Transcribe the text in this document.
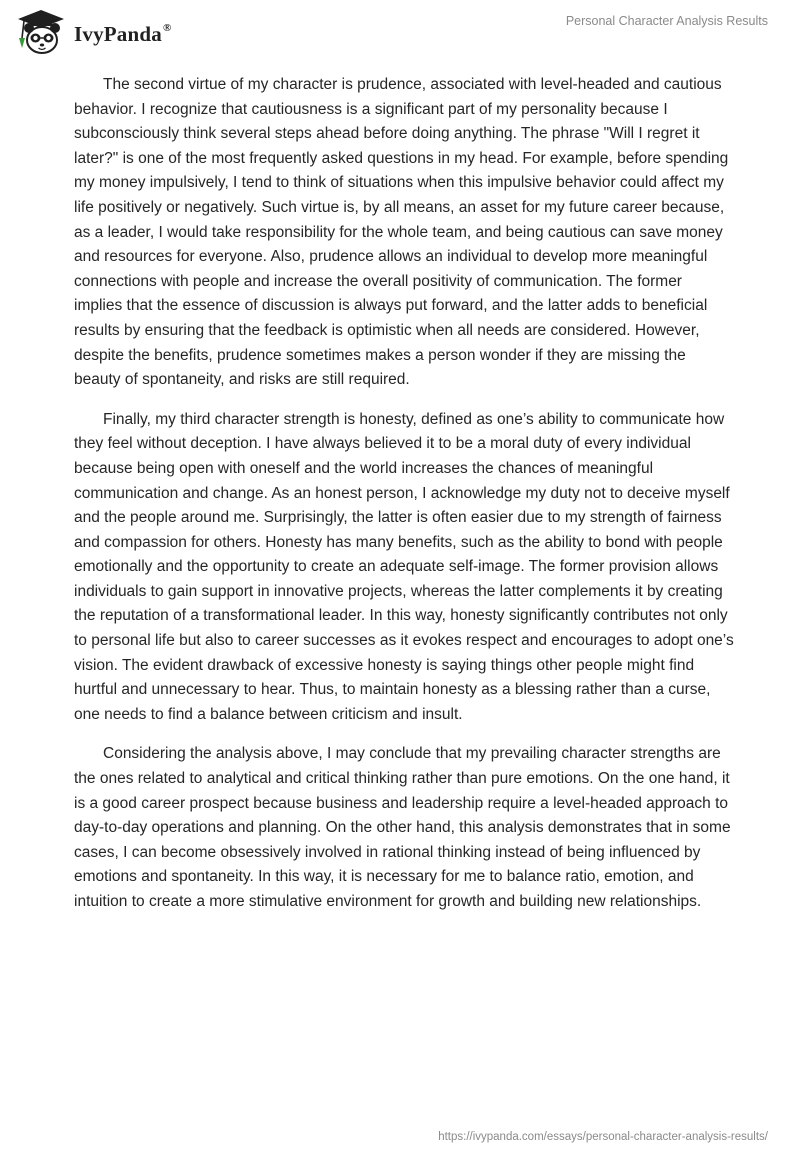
IvyPanda®	Personal Character Analysis Results

The second virtue of my character is prudence, associated with level-headed and cautious behavior. I recognize that cautiousness is a significant part of my personality because I subconsciously think several steps ahead before doing anything. The phrase "Will I regret it later?" is one of the most frequently asked questions in my head. For example, before spending my money impulsively, I tend to think of situations when this impulsive behavior could affect my life positively or negatively. Such virtue is, by all means, an asset for my future career because, as a leader, I would take responsibility for the whole team, and being cautious can save money and resources for everyone. Also, prudence allows an individual to develop more meaningful connections with people and increase the overall positivity of communication. The former implies that the essence of discussion is always put forward, and the latter adds to beneficial results by ensuring that the feedback is optimistic when all needs are considered. However, despite the benefits, prudence sometimes makes a person wonder if they are missing the beauty of spontaneity, and risks are still required.

Finally, my third character strength is honesty, defined as one’s ability to communicate how they feel without deception. I have always believed it to be a moral duty of every individual because being open with oneself and the world increases the chances of meaningful communication and change. As an honest person, I acknowledge my duty not to deceive myself and the people around me. Surprisingly, the latter is often easier due to my strength of fairness and compassion for others. Honesty has many benefits, such as the ability to bond with people emotionally and the opportunity to create an adequate self-image. The former provision allows individuals to gain support in innovative projects, whereas the latter complements it by creating the reputation of a transformational leader. In this way, honesty significantly contributes not only to personal life but also to career successes as it evokes respect and encourages to adopt one’s vision. The evident drawback of excessive honesty is saying things other people might find hurtful and unnecessary to hear. Thus, to maintain honesty as a blessing rather than a curse, one needs to find a balance between criticism and insult.

Considering the analysis above, I may conclude that my prevailing character strengths are the ones related to analytical and critical thinking rather than pure emotions. On the one hand, it is a good career prospect because business and leadership require a level-headed approach to day-to-day operations and planning. On the other hand, this analysis demonstrates that in some cases, I can become obsessively involved in rational thinking instead of being influenced by emotions and spontaneity. In this way, it is necessary for me to balance ratio, emotion, and intuition to create a more stimulative environment for growth and building new relationships.

https://ivypanda.com/essays/personal-character-analysis-results/
